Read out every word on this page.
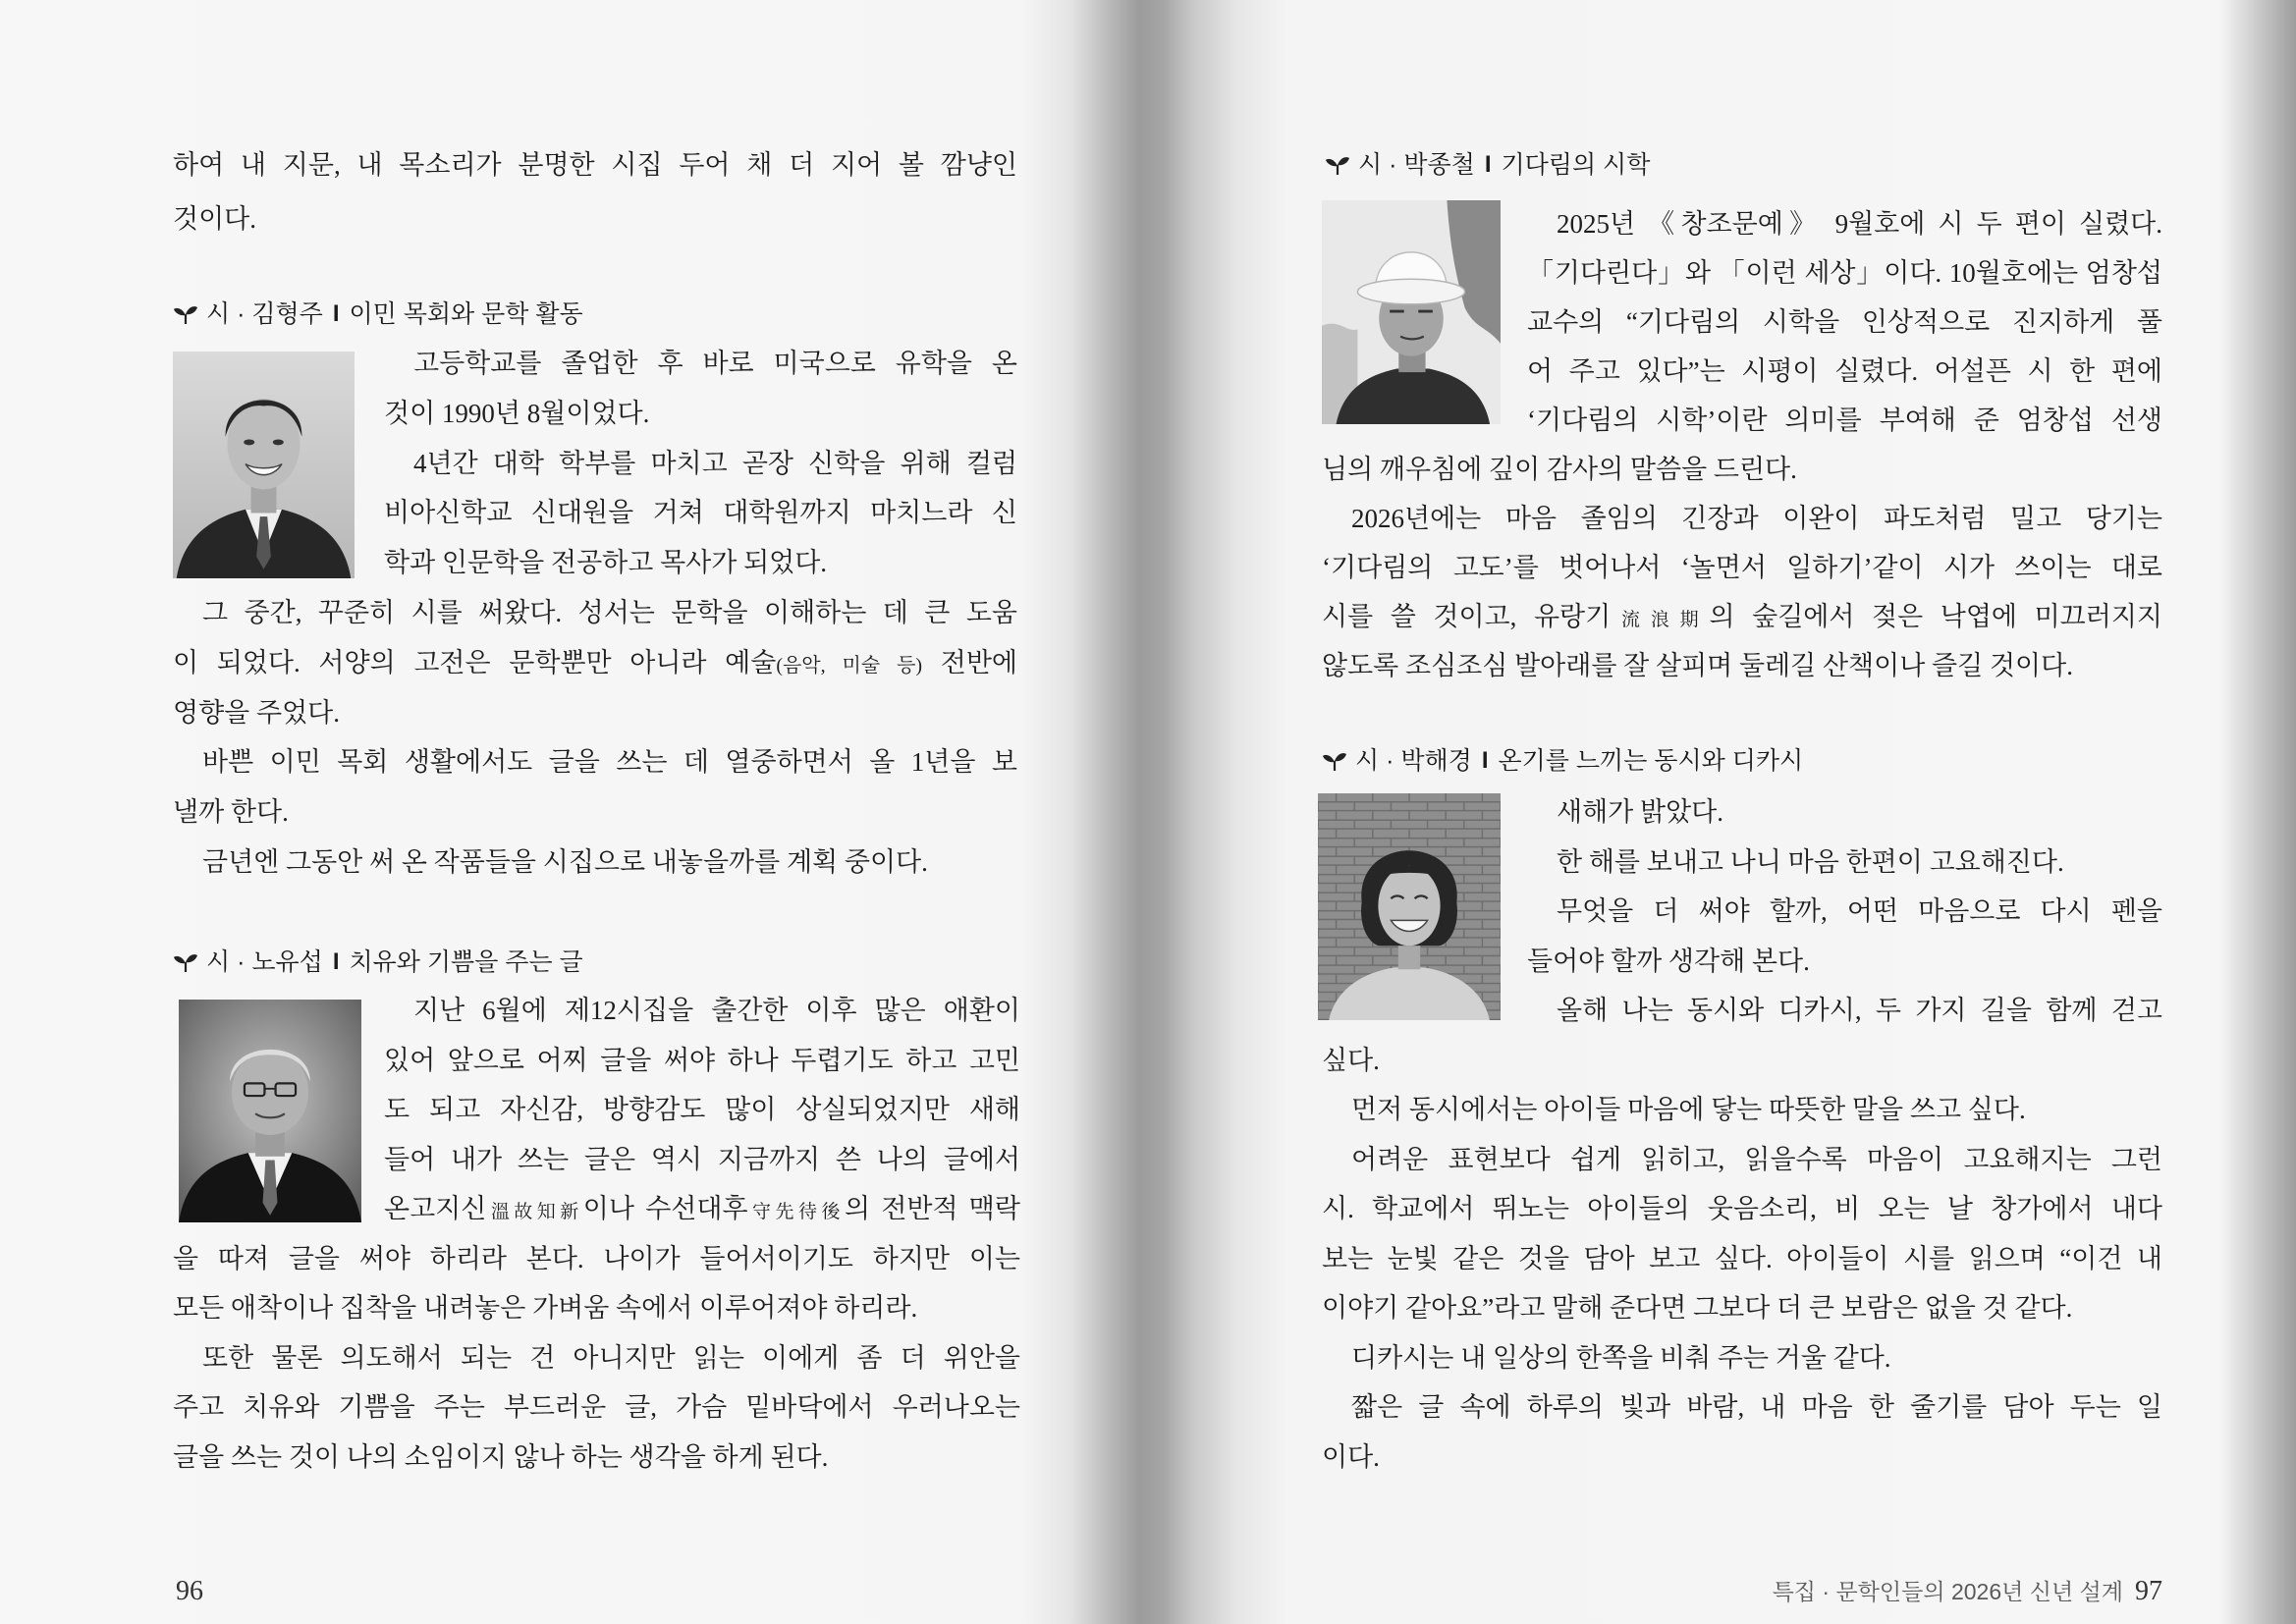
시 · 김형주 I 이민 목회와 문학 활동
시 · 노유섭 I 치유와 기쁨을 주는 글
96
하여 내 지문, 내 목소리가 분명한 시집 두어 채 더 지어 볼 깜냥인
것이다.
고등학교를 졸업한 후 바로 미국으로 유학을 온
것이 1990년 8월이었다.
4년간 대학 학부를 마치고 곧장 신학을 위해 컬럼
비아신학교 신대원을 거쳐 대학원까지 마치느라 신
학과 인문학을 전공하고 목사가 되었다.
그 중간, 꾸준히 시를 써왔다. 성서는 문학을 이해하는 데 큰 도움
이 되었다. 서양의 고전은 문학뿐만 아니라 예술(음악, 미술 등) 전반에
영향을 주었다.
바쁜 이민 목회 생활에서도 글을 쓰는 데 열중하면서 올 1년을 보
낼까 한다.
금년엔 그동안 써 온 작품들을 시집으로 내놓을까를 계획 중이다.
지난 6월에 제12시집을 출간한 이후 많은 애환이
있어 앞으로 어찌 글을 써야 하나 두렵기도 하고 고민
도 되고 자신감, 방향감도 많이 상실되었지만 새해
들어 내가 쓰는 글은 역시 지금까지 쓴 나의 글에서
온고지신溫故知新이나 수선대후守先待後의 전반적 맥락
을 따져 글을 써야 하리라 본다. 나이가 들어서이기도 하지만 이는
모든 애착이나 집착을 내려놓은 가벼움 속에서 이루어져야 하리라.
또한 물론 의도해서 되는 건 아니지만 읽는 이에게 좀 더 위안을
주고 치유와 기쁨을 주는 부드러운 글, 가슴 밑바닥에서 우러나오는
글을 쓰는 것이 나의 소임이지 않나 하는 생각을 하게 된다.
시 · 박종철 I 기다림의 시학
시 · 박해경 I 온기를 느끼는 동시와 디카시
특집 · 문학인들의 2026년 신년 설계 97
2025년 《창조문예》 9월호에 시 두 편이 실렸다.
「기다린다」와 「이런 세상」이다. 10월호에는 엄창섭
교수의 “기다림의 시학을 인상적으로 진지하게 풀
어 주고 있다”는 시평이 실렸다. 어설픈 시 한 편에
‘기다림의 시학’이란 의미를 부여해 준 엄창섭 선생
님의 깨우침에 깊이 감사의 말씀을 드린다.
2026년에는 마음 졸임의 긴장과 이완이 파도처럼 밀고 당기는
‘기다림의 고도’를 벗어나서 ‘놀면서 일하기’같이 시가 쓰이는 대로
시를 쓸 것이고, 유랑기流浪期의 숲길에서 젖은 낙엽에 미끄러지지
않도록 조심조심 발아래를 잘 살피며 둘레길 산책이나 즐길 것이다.
새해가 밝았다.
한 해를 보내고 나니 마음 한편이 고요해진다.
무엇을 더 써야 할까, 어떤 마음으로 다시 펜을
들어야 할까 생각해 본다.
올해 나는 동시와 디카시, 두 가지 길을 함께 걷고
싶다.
먼저 동시에서는 아이들 마음에 닿는 따뜻한 말을 쓰고 싶다.
어려운 표현보다 쉽게 읽히고, 읽을수록 마음이 고요해지는 그런
시. 학교에서 뛰노는 아이들의 웃음소리, 비 오는 날 창가에서 내다
보는 눈빛 같은 것을 담아 보고 싶다. 아이들이 시를 읽으며 “이건 내
이야기 같아요”라고 말해 준다면 그보다 더 큰 보람은 없을 것 같다.
디카시는 내 일상의 한쪽을 비춰 주는 거울 같다.
짧은 글 속에 하루의 빛과 바람, 내 마음 한 줄기를 담아 두는 일
이다.
